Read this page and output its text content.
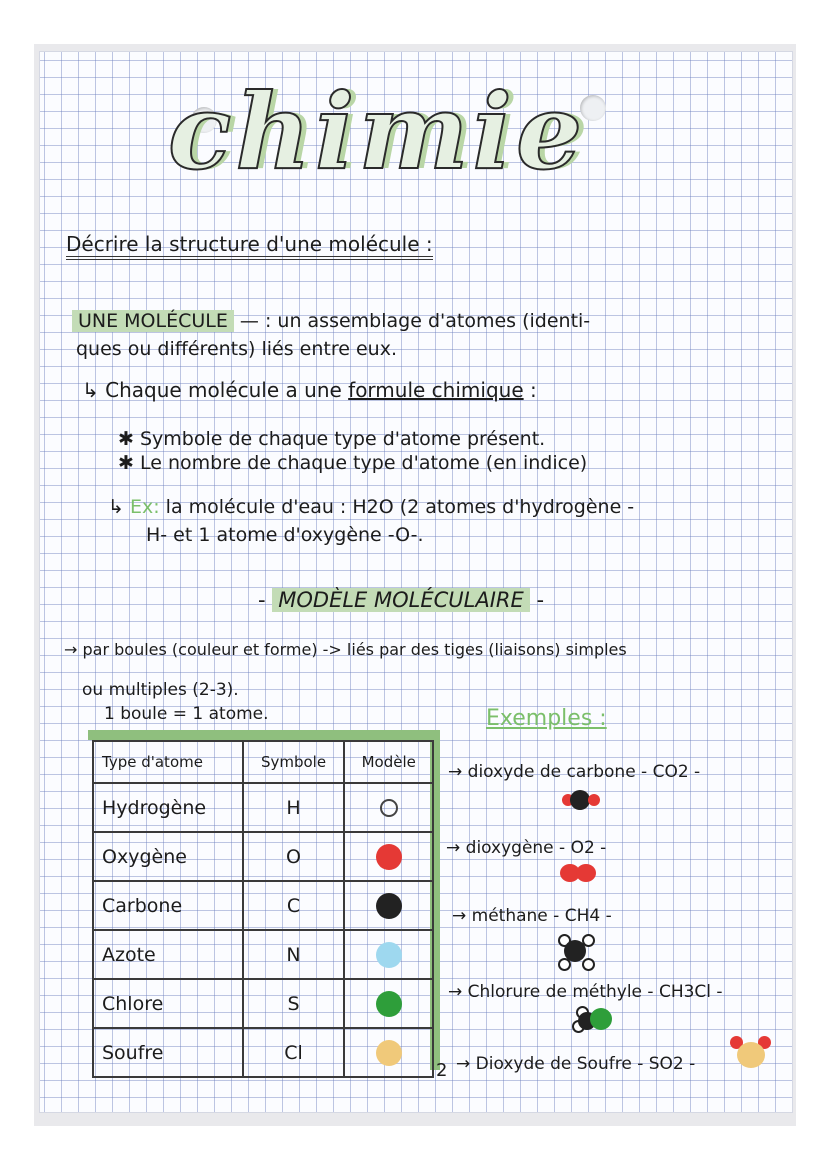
chimie
Décrire la structure d'une molécule :
UNE MOLÉCULE — : un assemblage d'atomes (identi-
ques ou différents) liés entre eux.
↳ Chaque molécule a une formule chimique :
✱ Symbole de chaque type d'atome présent.
✱ Le nombre de chaque type d'atome (en indice)
↳ Ex: la molécule d'eau : H2O (2 atomes d'hydrogène -
H- et 1 atome d'oxygène -O-.
- MODÈLE MOLÉCULAIRE -
→ par boules (couleur et forme) -> liés par des tiges (liaisons) simples
ou multiples (2-3).
1 boule = 1 atome.
Type d'atome	Symbole	Modèle
Hydrogène	H	

Oxygène	O	

Carbone	C	

Azote	N	

Chlore	S	

Soufre	Cl	
Exemples :
→ dioxyde de carbone - CO2 -
→ dioxygène - O2 -
→ méthane - CH4 -
→ Chlorure de méthyle - CH3Cl -
2 → Dioxyde de Soufre - SO2 -
